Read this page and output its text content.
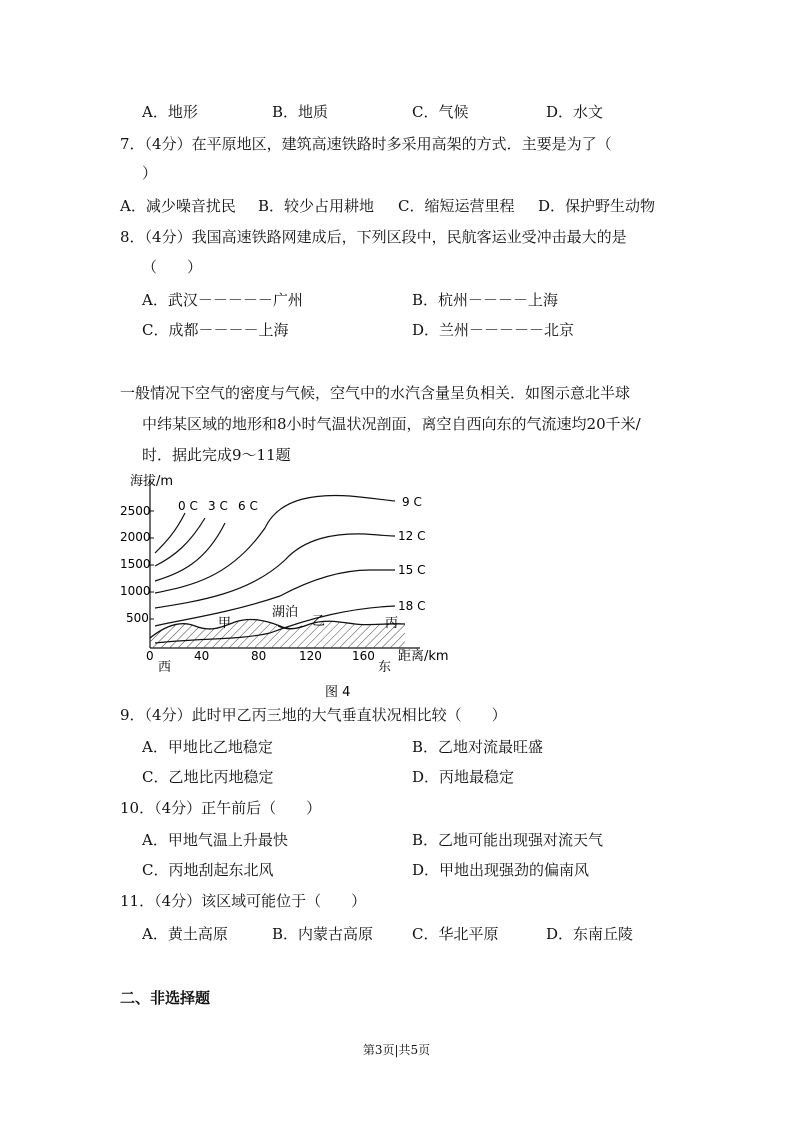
A．地形	B．地质	C．气候	D．水文
7．（4分）在平原地区，建筑高速铁路时多采用高架的方式．主要是为了（
）
A．减少噪音扰民 B．较少占用耕地 C．缩短运营里程 D．保护野生动物
8．（4分）我国高速铁路网建成后，下列区段中，民航客运业受冲击最大的是
（　　）
A．武汉－－－－－广州	B．杭州－－－－上海
C．成都－－－－上海	D．兰州－－－－－北京
一般情况下空气的密度与气候，空气中的水汽含量呈负相关．如图示意北半球
中纬某区域的地形和8小时气温状况剖面，离空自西向东的气流速均20千米/
时．据此完成9～11题
海拔/m
2500
2000
1500
1000
500
0	40	80	120	160 距离/km
西	东
0 C 3 C 6 C	9 C
12 C
15 C
18 C
甲
湖泊
乙	丙
图 4
9．（4分）此时甲乙丙三地的大气垂直状况相比较（　　）
A．甲地比乙地稳定	B．乙地对流最旺盛
C．乙地比丙地稳定	D．丙地最稳定
10．（4分）正午前后（　　）
A．甲地气温上升最快	B．乙地可能出现强对流天气
C．丙地刮起东北风	D．甲地出现强劲的偏南风
11．（4分）该区域可能位于（　　）
A．黄土高原	B．内蒙古高原	C．华北平原	D．东南丘陵
二、非选择题
第3页|共5页
